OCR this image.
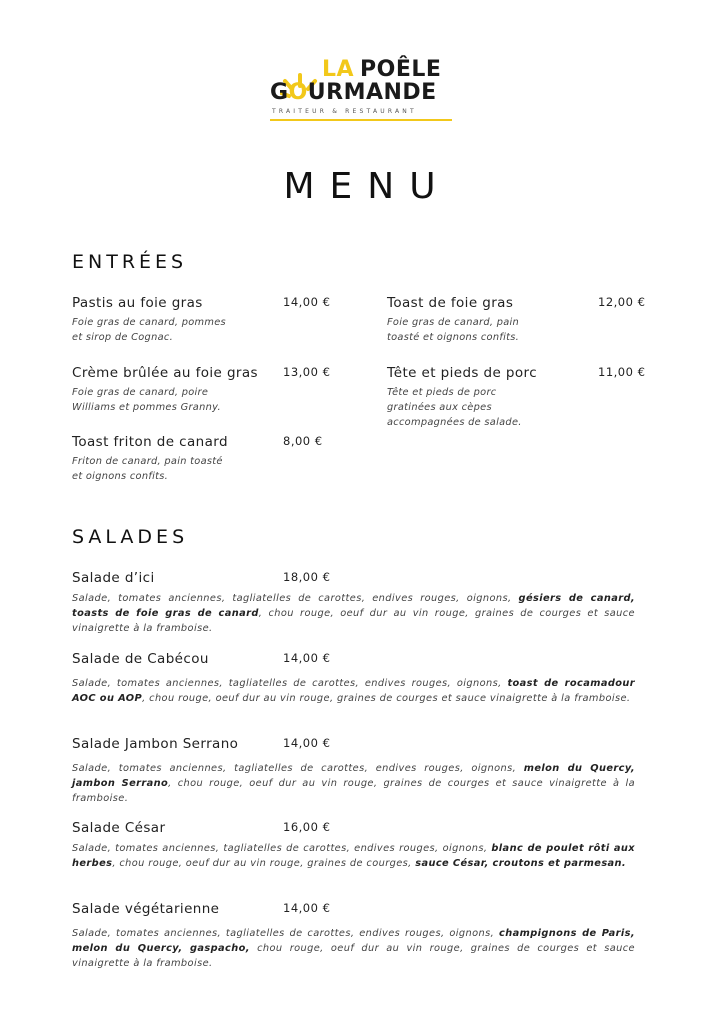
LA POÊLE
GOURMANDE
TRAITEUR & RESTAURANT
MENU
ENTRÉES
Pastis au foie gras
Foie gras de canard, pommes
et sirop de Cognac.
14,00 €	Toast de foie gras
Foie gras de canard, pain
toasté et oignons confits.
12,00 €
Crème brûlée au foie gras
Foie gras de canard, poire
Williams et pommes Granny.
13,00 €	Tête et pieds de porc
Tête et pieds de porc
gratinées aux cèpes
accompagnées de salade.
11,00 €
Toast friton de canard
Friton de canard, pain toasté
et oignons confits.
8,00 €
SALADES
Salade d’ici	18,00 €
Salade, tomates anciennes, tagliatelles de carottes, endives rouges, oignons, gésiers de canard, toasts de foie gras de canard, chou rouge, oeuf dur au vin rouge, graines de courges et sauce vinaigrette à la framboise.
Salade de Cabécou	14,00 €
Salade, tomates anciennes, tagliatelles de carottes, endives rouges, oignons, toast de rocamadour AOC ou AOP, chou rouge, oeuf dur au vin rouge, graines de courges et sauce vinaigrette à la framboise.
Salade Jambon Serrano	14,00 €
Salade, tomates anciennes, tagliatelles de carottes, endives rouges, oignons, melon du Quercy, jambon Serrano, chou rouge, oeuf dur au vin rouge, graines de courges et sauce vinaigrette à la framboise.
Salade César	16,00 €
Salade, tomates anciennes, tagliatelles de carottes, endives rouges, oignons, blanc de poulet rôti aux herbes, chou rouge, oeuf dur au vin rouge, graines de courges, sauce César, croutons et parmesan.
Salade végétarienne	14,00 €
Salade, tomates anciennes, tagliatelles de carottes, endives rouges, oignons, champignons de Paris, melon du Quercy, gaspacho, chou rouge, oeuf dur au vin rouge, graines de courges et sauce vinaigrette à la framboise.
